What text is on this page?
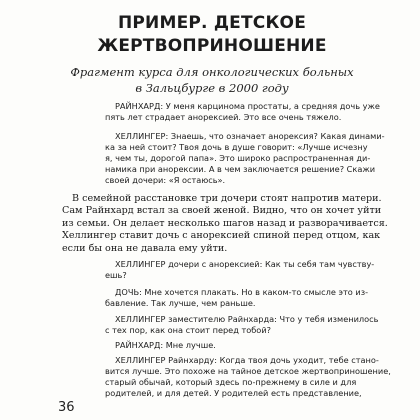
ПРИМЕР. ДЕТСКОЕ
ЖЕРТВОПРИНОШЕНИЕ
Фрагмент курса для онкологических больных
в Зальцбурге в 2000 году
РАЙНХАРД: У меня карцинома простаты, а средняя дочь уже
пять лет страдает анорексией. Это все очень тяжело.
ХЕЛЛИНГЕР: Знаешь, что означает анорексия? Какая динами-
ка за ней стоит? Твоя дочь в душе говорит: «Лучше исчезну
я, чем ты, дорогой папа». Это широко распространенная ди-
намика при анорексии. А в чем заключается решение? Скажи
своей дочери: «Я остаюсь».
В семейной расстановке три дочери стоят напротив матери.
Сам Райнхард встал за своей женой. Видно, что он хочет уйти
из семьи. Он делает несколько шагов назад и разворачивается.
Хеллингер ставит дочь с анорексией спиной перед отцом, как
если бы она не давала ему уйти.
ХЕЛЛИНГЕР дочери с анорексией: Как ты себя там чувству-
ешь?
ДОЧЬ: Мне хочется плакать. Но в каком-то смысле это из-
бавление. Так лучше, чем раньше.
ХЕЛЛИНГЕР заместителю Райнхарда: Что у тебя изменилось
с тех пор, как она стоит перед тобой?
РАЙНХАРД: Мне лучше.
ХЕЛЛИНГЕР Райнхарду: Когда твоя дочь уходит, тебе стано-
вится лучше. Это похоже на тайное детское жертвоприношение,
старый обычай, который здесь по-прежнему в силе и для
родителей, и для детей. У родителей есть представление,
36
